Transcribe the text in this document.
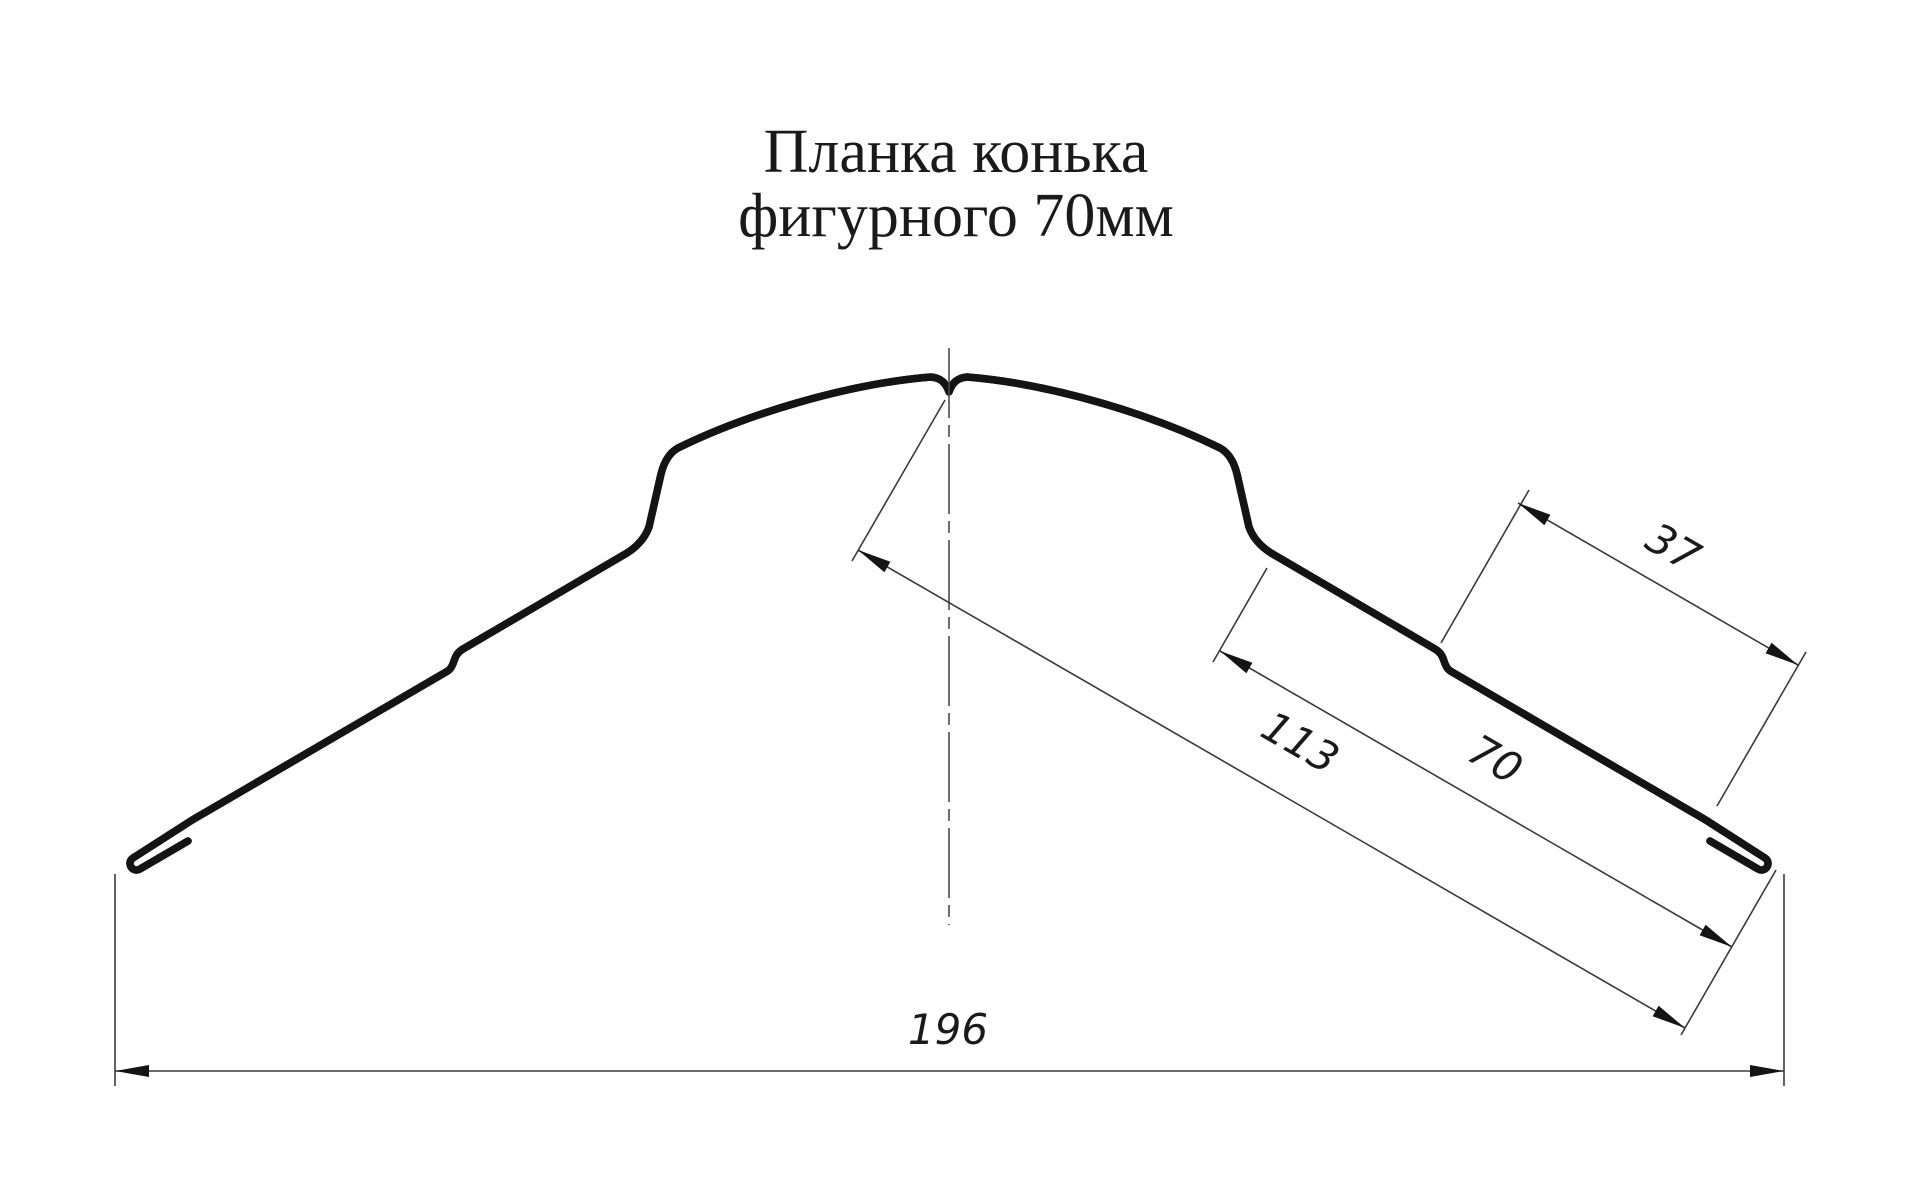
Планка конька
фигурного 70мм
113	70
37
196
